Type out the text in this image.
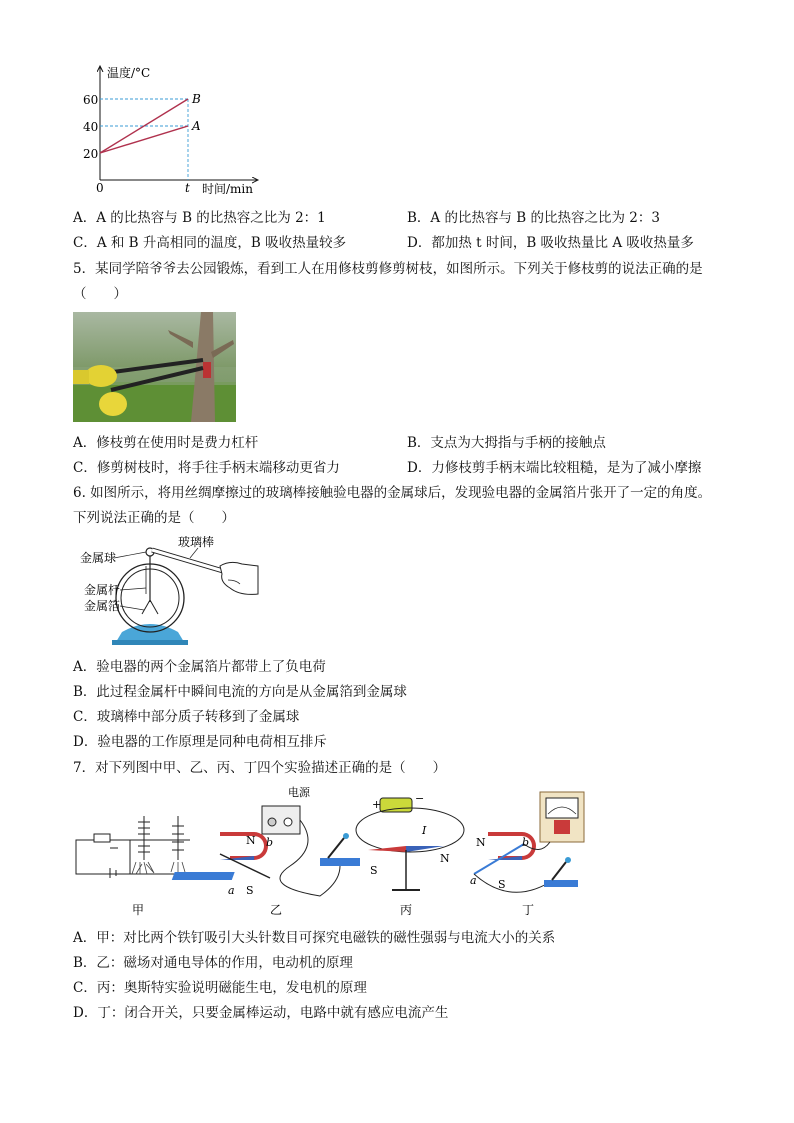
温度/°C
60
40
20
0	t 时间/min
B
A
A．A 的比热容与 B 的比热容之比为 2：1	B．A 的比热容与 B 的比热容之比为 2：3
C．A 和 B 升高相同的温度，B 吸收热量较多	D．都加热 t 时间，B 吸收热量比 A 吸收热量多
5．某同学陪爷爷去公园锻炼，看到工人在用修枝剪修剪树枝，如图所示。下列关于修枝剪的说法正确的是
（　　）
A．修枝剪在使用时是费力杠杆	B．支点为大拇指与手柄的接触点
C．修剪树枝时，将手往手柄末端移动更省力	D．力修枝剪手柄末端比较粗糙，是为了减小摩擦
6. 如图所示，将用丝绸摩擦过的玻璃棒接触验电器的金属球后，发现验电器的金属箔片张开了一定的角度。
下列说法正确的是（　　）
金属球
玻璃棒
金属杆
金属箔
A．验电器的两个金属箔片都带上了负电荷
B．此过程金属杆中瞬间电流的方向是从金属箔到金属球
C．玻璃棒中部分质子转移到了金属球
D．验电器的工作原理是同种电荷相互排斥
7．对下列图中甲、乙、丙、丁四个实验描述正确的是（　　）
甲
电源
N
S
a
b
乙
+	−
I
S
N
丙
N
S
a
b
丁
A．甲：对比两个铁钉吸引大头针数目可探究电磁铁的磁性强弱与电流大小的关系
B．乙：磁场对通电导体的作用，电动机的原理
C．丙：奥斯特实验说明磁能生电，发电机的原理
D．丁：闭合开关，只要金属棒运动，电路中就有感应电流产生
